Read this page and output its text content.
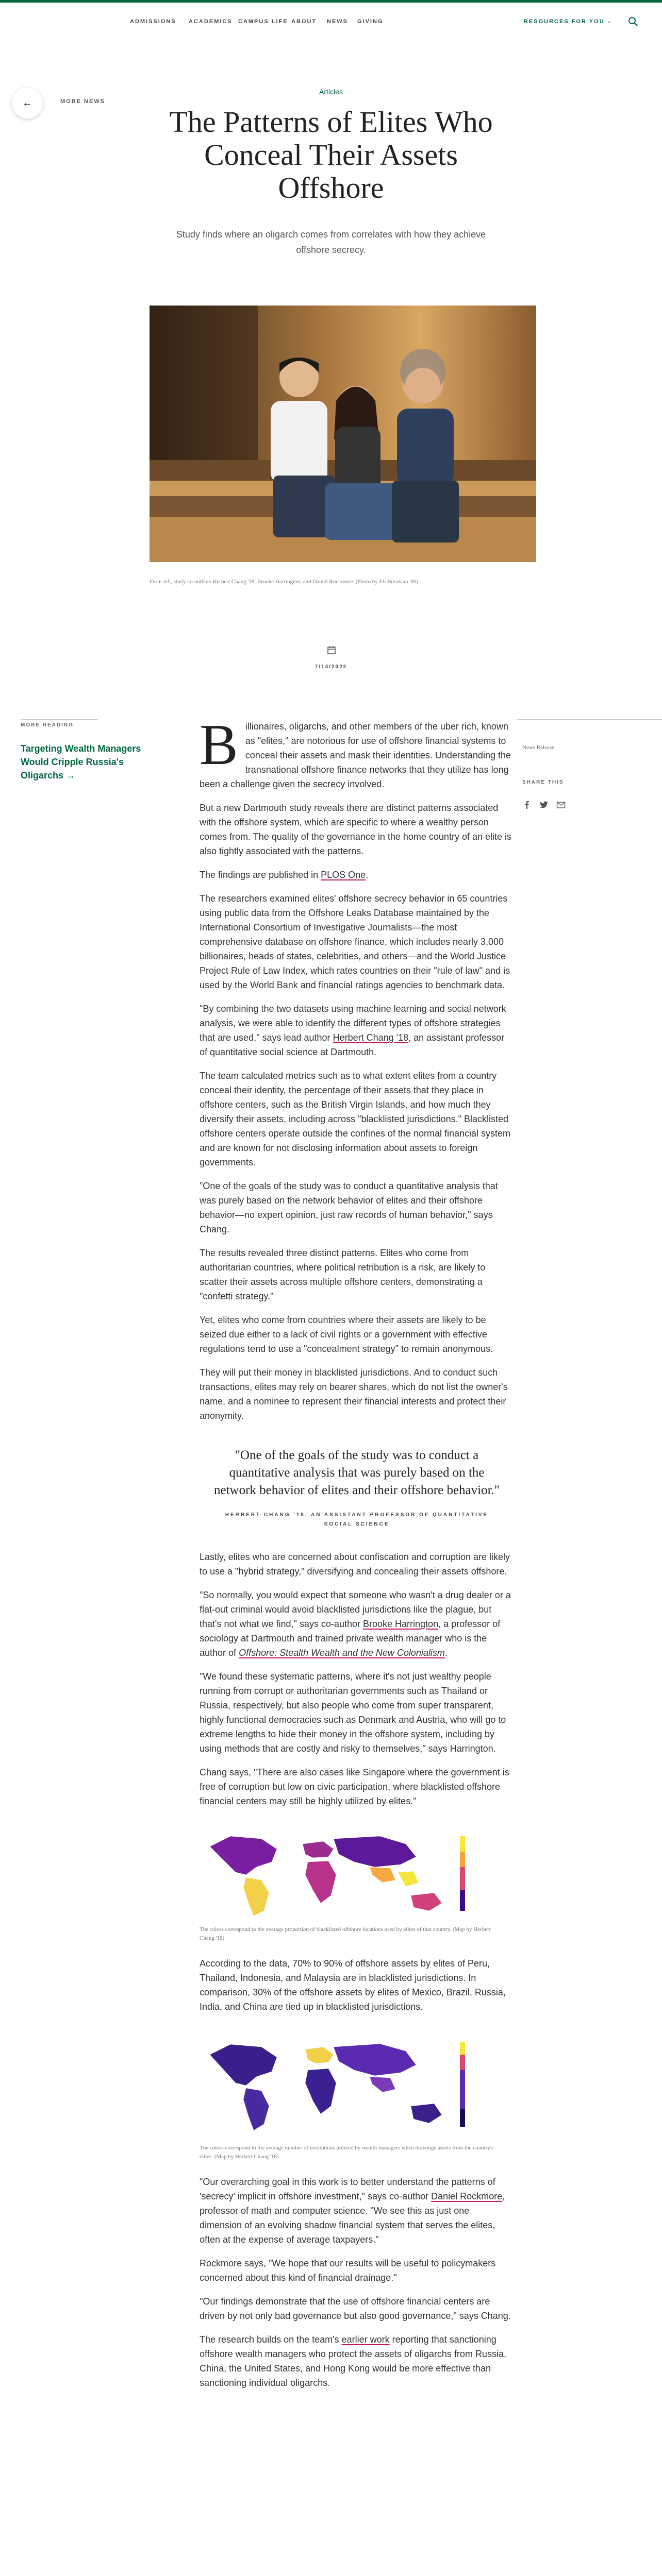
ADMISSIONS ACADEMICS CAMPUS LIFE ABOUT NEWS GIVING	RESOURCES FOR YOU ⌄
←	MORE NEWS
Articles
The Patterns of Elites Who Conceal Their Assets Offshore
Study finds where an oligarch comes from correlates with how they achieve offshore secrecy.
From left, study co-authors Herbert Chang '18, Brooke Harrington, and Daniel Rockmore. (Photo by Eli Burakian '00)
7/14/2022
MORE READING
Targeting Wealth Managers Would Cripple Russia's Oligarchs →
News Release
SHARE THIS

Billionaires, oligarchs, and other members of the uber rich, known as "elites," are notorious for use of offshore financial systems to conceal their assets and mask their identities. Understanding the transnational offshore finance networks that they utilize has long been a challenge given the secrecy involved.

But a new Dartmouth study reveals there are distinct patterns associated with the offshore system, which are specific to where a wealthy person comes from. The quality of the governance in the home country of an elite is also tightly associated with the patterns.

The findings are published in PLOS One.

The researchers examined elites' offshore secrecy behavior in 65 countries using public data from the Offshore Leaks Database maintained by the International Consortium of Investigative Journalists—the most comprehensive database on offshore finance, which includes nearly 3,000 billionaires, heads of states, celebrities, and others—and the World Justice Project Rule of Law Index, which rates countries on their "rule of law" and is used by the World Bank and financial ratings agencies to benchmark data.

"By combining the two datasets using machine learning and social network analysis, we were able to identify the different types of offshore strategies that are used," says lead author Herbert Chang '18, an assistant professor of quantitative social science at Dartmouth.

The team calculated metrics such as to what extent elites from a country conceal their identity, the percentage of their assets that they place in offshore centers, such as the British Virgin Islands, and how much they diversify their assets, including across "blacklisted jurisdictions." Blacklisted offshore centers operate outside the confines of the normal financial system and are known for not disclosing information about assets to foreign governments.

"One of the goals of the study was to conduct a quantitative analysis that was purely based on the network behavior of elites and their offshore behavior—no expert opinion, just raw records of human behavior," says Chang.

The results revealed three distinct patterns. Elites who come from authoritarian countries, where political retribution is a risk, are likely to scatter their assets across multiple offshore centers, demonstrating a "confetti strategy."

Yet, elites who come from countries where their assets are likely to be seized due either to a lack of civil rights or a government with effective regulations tend to use a "concealment strategy" to remain anonymous.

They will put their money in blacklisted jurisdictions. And to conduct such transactions, elites may rely on bearer shares, which do not list the owner's name, and a nominee to represent their financial interests and protect their anonymity.

"One of the goals of the study was to conduct a quantitative analysis that was purely based on the network behavior of elites and their offshore behavior."
HERBERT CHANG '18, AN ASSISTANT PROFESSOR OF QUANTITATIVE SOCIAL SCIENCE

Lastly, elites who are concerned about confiscation and corruption are likely to use a "hybrid strategy," diversifying and concealing their assets offshore.

"So normally, you would expect that someone who wasn't a drug dealer or a flat-out criminal would avoid blacklisted jurisdictions like the plague, but that's not what we find," says co-author Brooke Harrington, a professor of sociology at Dartmouth and trained private wealth manager who is the author of Offshore: Stealth Wealth and the New Colonialism.

"We found these systematic patterns, where it's not just wealthy people running from corrupt or authoritarian governments such as Thailand or Russia, respectively, but also people who come from super transparent, highly functional democracies such as Denmark and Austria, who will go to extreme lengths to hide their money in the offshore system, including by using methods that are costly and risky to themselves," says Harrington.

Chang says, "There are also cases like Singapore where the government is free of corruption but low on civic participation, where blacklisted offshore financial centers may still be highly utilized by elites."

The colors correspond to the average proportion of blacklisted offshore locations used by elites of that country. (Map by Herbert Chang '18)

According to the data, 70% to 90% of offshore assets by elites of Peru, Thailand, Indonesia, and Malaysia are in blacklisted jurisdictions. In comparison, 30% of the offshore assets by elites of Mexico, Brazil, Russia, India, and China are tied up in blacklisted jurisdictions.

The colors correspond to the average number of institutions utilized by wealth managers when drawings assets from the country's elites. (Map by Herbert Chang '18)

"Our overarching goal in this work is to better understand the patterns of 'secrecy' implicit in offshore investment," says co-author Daniel Rockmore, professor of math and computer science. "We see this as just one dimension of an evolving shadow financial system that serves the elites, often at the expense of average taxpayers."

Rockmore says, "We hope that our results will be useful to policymakers concerned about this kind of financial drainage."

"Our findings demonstrate that the use of offshore financial centers are driven by not only bad governance but also good governance," says Chang.

The research builds on the team's earlier work reporting that sanctioning offshore wealth managers who protect the assets of oligarchs from Russia, China, the United States, and Hong Kong would be more effective than sanctioning individual oligarchs.
